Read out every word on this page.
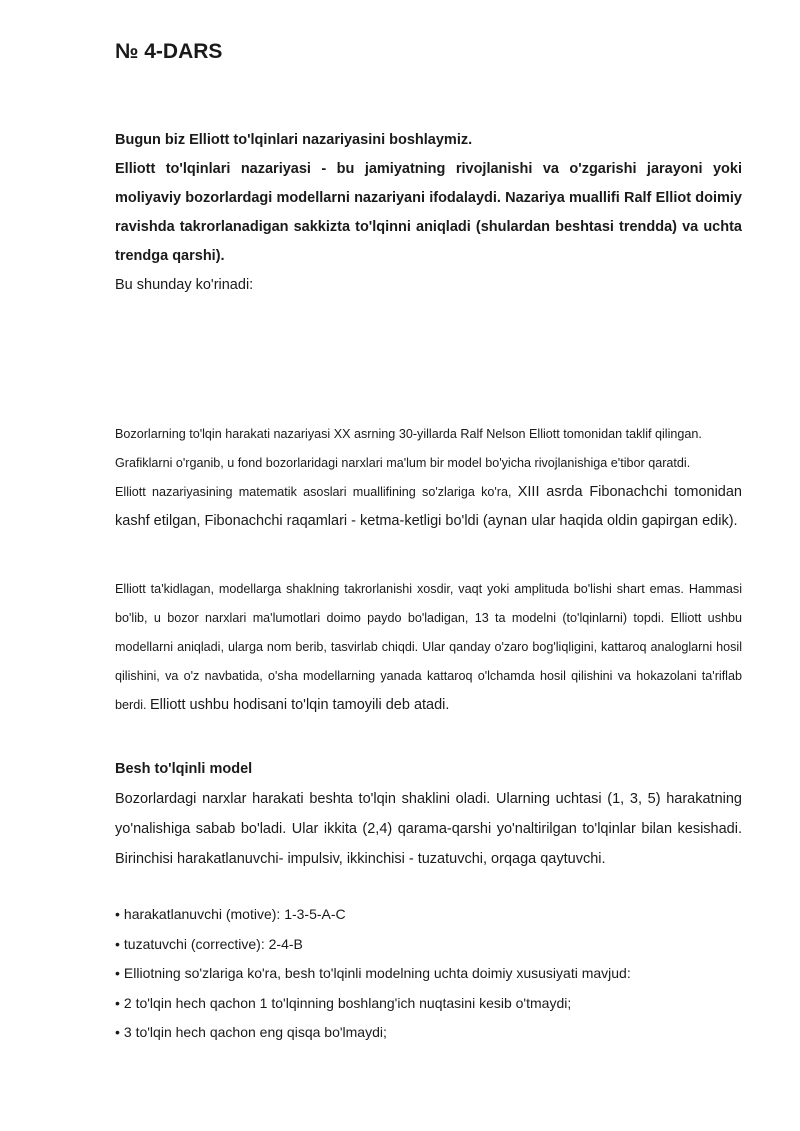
№ 4-DARS

Bugun biz Elliott to'lqinlari nazariyasini boshlaymiz.

Elliott to'lqinlari nazariyasi - bu jamiyatning rivojlanishi va o'zgarishi jarayoni yoki moliyaviy bozorlardagi modellarni nazariyani ifodalaydi. Nazariya muallifi Ralf Elliot doimiy ravishda takrorlanadigan sakkizta to'lqinni aniqladi (shulardan beshtasi trendda) va uchta trendga qarshi).

Bu shunday ko'rinadi:

Bozorlarning to'lqin harakati nazariyasi XX asrning 30-yillarda Ralf Nelson Elliott tomonidan taklif qilingan.

Grafiklarni o'rganib, u fond bozorlaridagi narxlari ma'lum bir model bo'yicha rivojlanishiga e'tibor qaratdi.

Elliott nazariyasining matematik asoslari muallifining so'zlariga ko'ra, XIII asrda Fibonachchi tomonidan kashf etilgan, Fibonachchi raqamlari - ketma-ketligi bo'ldi (aynan ular haqida oldin gapirgan edik).

Elliott ta'kidlagan, modellarga shaklning takrorlanishi xosdir, vaqt yoki amplituda bo'lishi shart emas. Hammasi bo'lib, u bozor narxlari ma'lumotlari doimo paydo bo'ladigan, 13 ta modelni (to'lqinlarni) topdi. Elliott ushbu modellarni aniqladi, ularga nom berib, tasvirlab chiqdi. Ular qanday o'zaro bog'liqligini, kattaroq analoglarni hosil qilishini, va o'z navbatida, o'sha modellarning yanada kattaroq o'lchamda hosil qilishini va hokazolani ta'riflab berdi. Elliott ushbu hodisani to'lqin tamoyili deb atadi.

Besh to'lqinli model

Bozorlardagi narxlar harakati beshta to'lqin shaklini oladi. Ularning uchtasi (1, 3, 5) harakatning yo'nalishiga sabab bo'ladi. Ular ikkita (2,4) qarama-qarshi yo'naltirilgan to'lqinlar bilan kesishadi. Birinchisi harakatlanuvchi- impulsiv, ikkinchisi - tuzatuvchi, orqaga qaytuvchi.

• harakatlanuvchi (motive): 1-3-5-A-C
• tuzatuvchi (corrective): 2-4-B
• Elliotning so'zlariga ko'ra, besh to'lqinli modelning uchta doimiy xususiyati mavjud:
• 2 to'lqin hech qachon 1 to'lqinning boshlang'ich nuqtasini kesib o'tmaydi;
• 3 to'lqin hech qachon eng qisqa bo'lmaydi;
